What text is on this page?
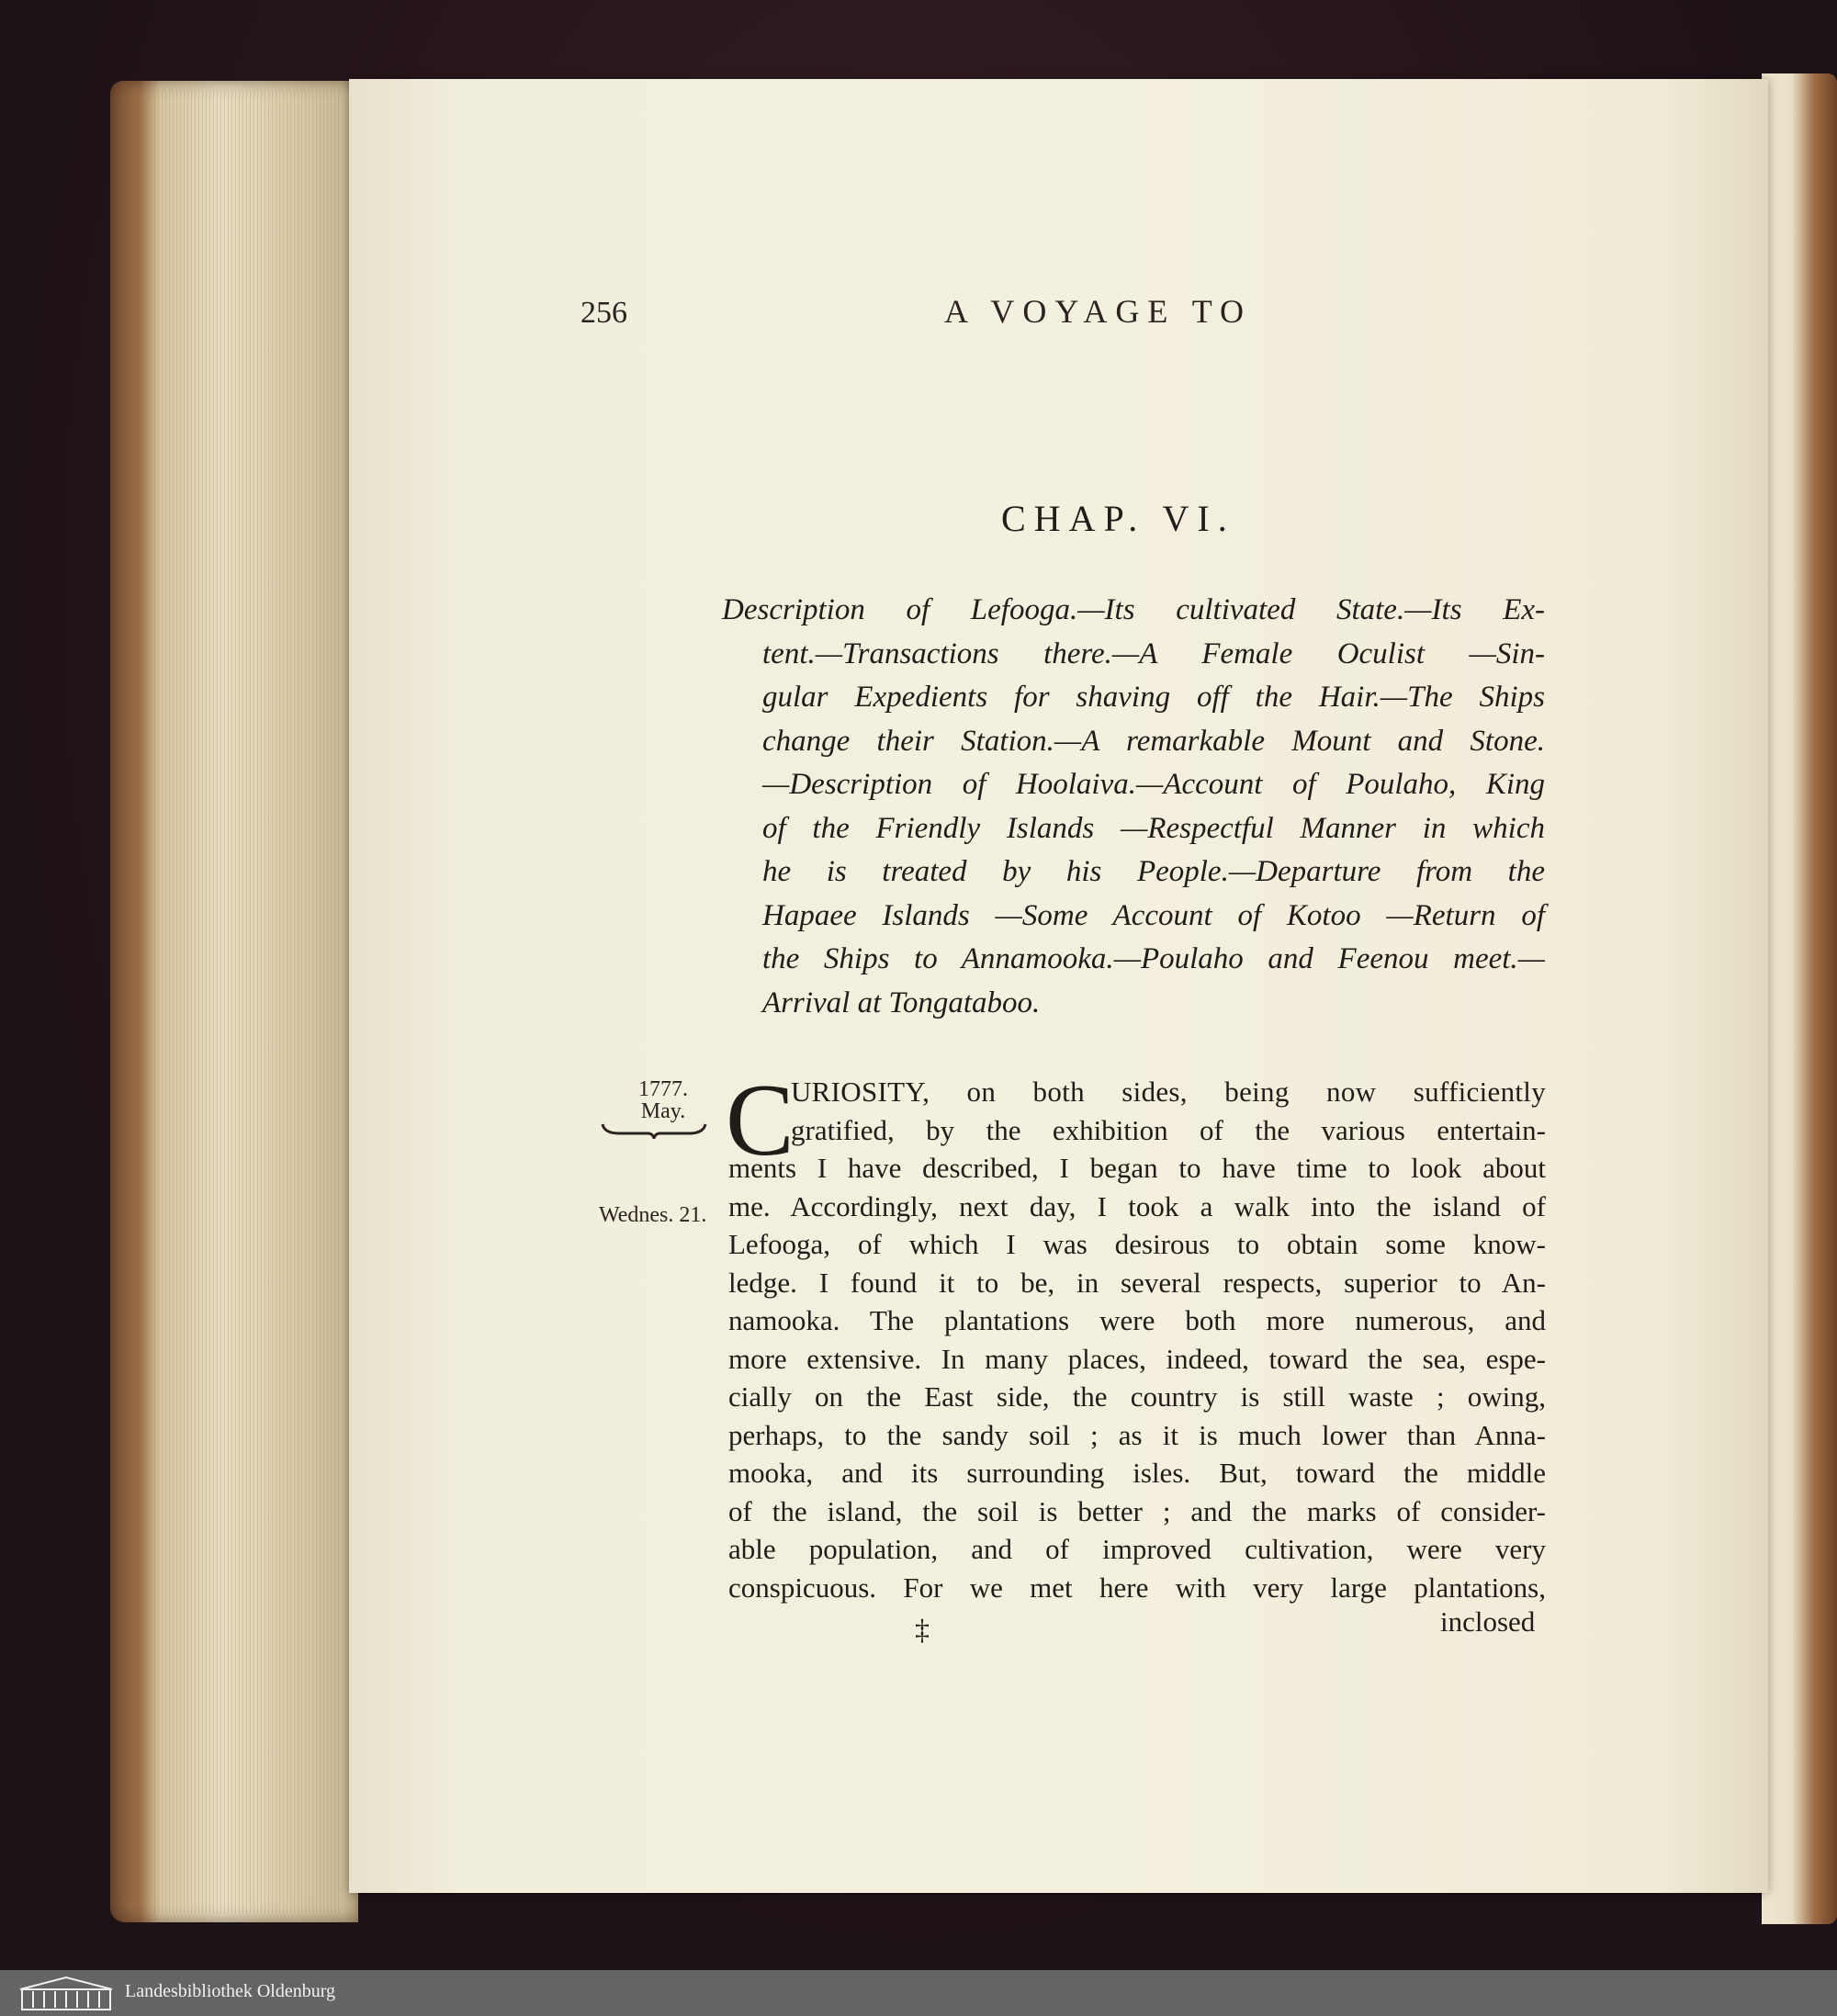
256	A VOYAGE TO
CHAP. VI.
Description of Lefooga.—Its cultivated State.—Its Ex-
tent.—Transactions there.—A Female Oculist —Sin-
gular Expedients for shaving off the Hair.—The Ships
change their Station.—A remarkable Mount and Stone.
—Description of Hoolaiva.—Account of Poulaho, King
of the Friendly Islands —Respectful Manner in which
he is treated by his People.—Departure from the
Hapaee Islands —Some Account of Kotoo —Return of
the Ships to Annamooka.—Poulaho and Feenou meet.—
Arrival at Tongataboo.
1777.
May.
Wednes. 21.
C
URIOSITY, on both sides, being now sufficiently
gratified, by the exhibition of the various entertain-
ments I have described, I began to have time to look about
me. Accordingly, next day, I took a walk into the island of
Lefooga, of which I was desirous to obtain some know-
ledge. I found it to be, in several respects, superior to An-
namooka. The plantations were both more numerous, and
more extensive. In many places, indeed, toward the sea, espe-
cially on the East side, the country is still waste ; owing,
perhaps, to the sandy soil ; as it is much lower than Anna-
mooka, and its surrounding isles. But, toward the middle
of the island, the soil is better ; and the marks of consider-
able population, and of improved cultivation, were very
conspicuous. For we met here with very large plantations,
‡	inclosed
Landesbibliothek Oldenburg
